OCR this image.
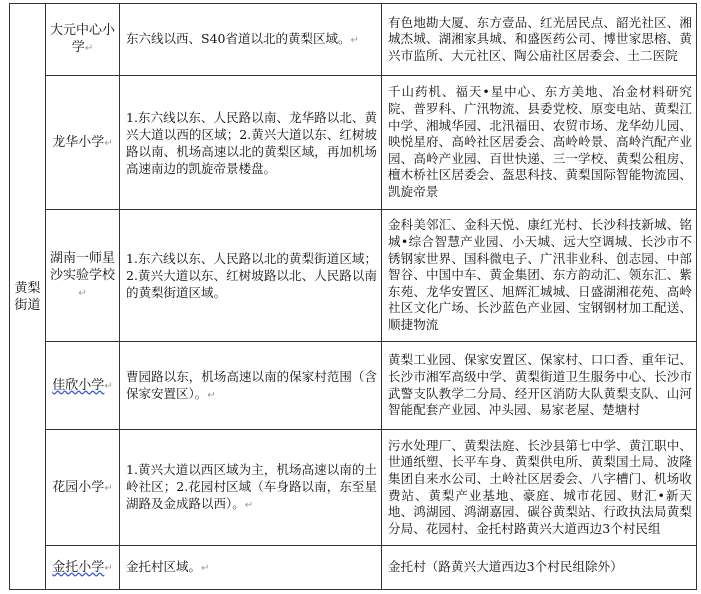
黄梨街道	大元中心小学↵	东六线以西、S40省道以北的黄梨区域。↵	有色地勘大厦、东方壹品、红光居民点、韶光社区、湘城杰城、湖湘家具城、和盛医药公司、博世家思榕、黄兴市监所、大元社区、陶公庙社区居委会、土二医院
	龙华小学↵	1.东六线以东、人民路以南、龙华路以北、黄兴大道以西的区域；2.黄兴大道以东、红树坡路以南、机场高速以北的黄梨区域，再加机场高速南边的凯旋帝景楼盘。	千山药机、福天•星中心、东方美地、冶金材料研究院、普罗科、广汛物流、县委党校、原变电站、黄梨江中学、湘城华园、北汛福田、农贸市场、龙华幼儿园、映悦星府、高岭社区居委会、高岭岭景、高岭汽配产业园、高岭产业园、百世快递、三一学校、黄梨公租房、檀木桥社区居委会、盔思科技、黄梨国际智能物流园、凯旋帝景
	湖南一师星沙实验学校↵	1.东六线以东、人民路以北的黄梨街道区域；2.黄兴大道以东、红树坡路以北、人民路以南的黄梨街道区域。	金科美邻汇、金科天悦、康红光村、长沙科技新城、铭城•综合智慧产业园、小天城、远大空调城、长沙市不锈钢家世界、国科微电子、广汛非业科、创志园、中部智谷、中国中车、黄金集团、东方韵动汇、领东汇、紫东苑、龙华安置区、旭辉汇城城、日盛湖湘花苑、高岭社区文化广场、长沙蓝色产业园、宝钢钢材加工配送、顺捷物流
	佳欣小学↵	曹园路以东，机场高速以南的保家村范围（含保家安置区）。↵	黄梨工业园、保家安置区、保家村、口口香、重年记、长沙市湘军高级中学、黄梨街道卫生服务中心、长沙市武警支队教学二分局、经开区消防大队黄梨支队、山河智能配套产业园、冲头园、易家老屋、楚塘村
	花园小学↵	1.黄兴大道以西区域为主，机场高速以南的土岭社区；2.花园村区域（车身路以南，东至星湖路及金成路以西）。↵	污水处理厂、黄梨法庭、长沙县第七中学、黄江职中、世通纸塑、长平车身、黄梨供电所、黄梨国土局、波隆集团自来水公司、土岭社区居委会、八字槽门、机场收费站、黄梨产业基地、豪庭、城市花园、财汇•新天地、鸿湖园、鸿湖嘉园、碳谷黄梨站、行政执法局黄梨分局、花园村、金托村路黄兴大道西边3个村民组
	金托小学↵	金托村区域。↵	金托村（路黄兴大道西边3个村民组除外）
